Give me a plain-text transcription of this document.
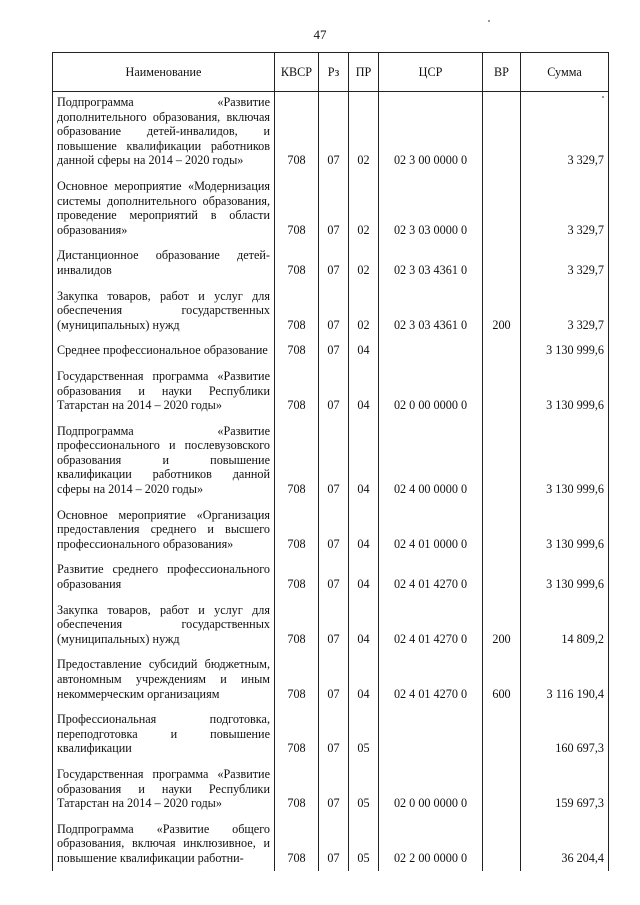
47
Наименование	КВСР	Рз	ПР	ЦСР	ВР	Сумма
Подпрограмма «Развитие дополнительного образования, включая образование детей-инвалидов, и повышение квалификации работников данной сферы на 2014 – 2020 годы»	708	07	02	02 3 00 0000 0		3 329,7
Основное мероприятие «Модернизация системы дополнительного образования, проведение мероприятий в области образования»	708	07	02	02 3 03 0000 0		3 329,7
Дистанционное образование детей-инвалидов	708	07	02	02 3 03 4361 0		3 329,7
Закупка товаров, работ и услуг для обеспечения государственных (муниципальных) нужд	708	07	02	02 3 03 4361 0	200	3 329,7
Среднее профессиональное образование	708	07	04			3 130 999,6
Государственная программа «Развитие образования и науки Республики Татарстан на 2014 – 2020 годы»	708	07	04	02 0 00 0000 0		3 130 999,6
Подпрограмма «Развитие профессионального и послевузовского образования и повышение квалификации работников данной сферы на 2014 – 2020 годы»	708	07	04	02 4 00 0000 0		3 130 999,6
Основное мероприятие «Организация предоставления среднего и высшего профессионального образования»	708	07	04	02 4 01 0000 0		3 130 999,6
Развитие среднего профессионального образования	708	07	04	02 4 01 4270 0		3 130 999,6
Закупка товаров, работ и услуг для обеспечения государственных (муниципальных) нужд	708	07	04	02 4 01 4270 0	200	14 809,2
Предоставление субсидий бюджетным, автономным учреждениям и иным некоммерческим организациям	708	07	04	02 4 01 4270 0	600	3 116 190,4
Профессиональная подготовка, переподготовка и повышение квалификации	708	07	05			160 697,3
Государственная программа «Развитие образования и науки Республики Татарстан на 2014 – 2020 годы»	708	07	05	02 0 00 0000 0		159 697,3
Подпрограмма «Развитие общего образования, включая инклюзивное, и повышение квалификации работни-	708	07	05	02 2 00 0000 0		36 204,4
